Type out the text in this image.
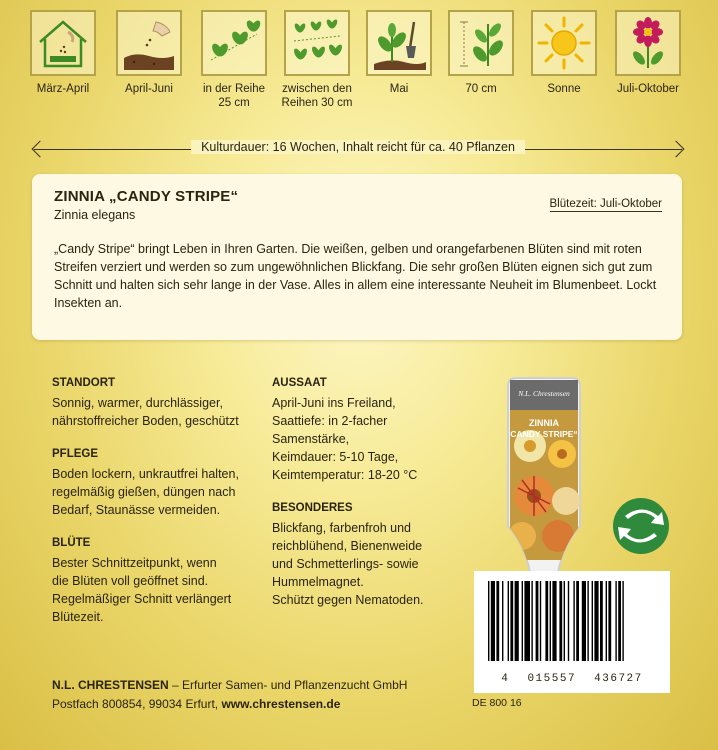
März-April	April-Juni	in der Reihe
25 cm
zwischen den
Reihen 30 cm
Mai	70 cm	Sonne	Juli-Oktober
Kulturdauer: 16 Wochen, Inhalt reicht für ca. 40 Pflanzen
ZINNIA „CANDY STRIPE“
Zinnia elegans
Blütezeit: Juli-Oktober
„Candy Stripe“ bringt Leben in Ihren Garten. Die weißen, gelben und orangefarbenen Blüten sind mit roten Streifen verziert und werden so zum ungewöhnlichen Blickfang. Die sehr großen Blüten eignen sich gut zum Schnitt und halten sich sehr lange in der Vase. Alles in allem eine interessante Neuheit im Blumenbeet. Lockt Insekten an.
STANDORT

Sonnig, warmer, durchlässiger,
nährstoffreicher Boden, geschützt

PFLEGE

Boden lockern, unkrautfrei halten,
regelmäßig gießen, düngen nach
Bedarf, Staunässe vermeiden.

BLÜTE

Bester Schnittzeitpunkt, wenn
die Blüten voll geöffnet sind.
Regelmäßiger Schnitt verlängert
Blütezeit.

AUSSAAT

April-Juni ins Freiland,
Saattiefe: in 2-facher
Samenstärke,
Keimdauer: 5-10 Tage,
Keimtemperatur: 18-20 °C

BESONDERES

Blickfang, farbenfroh und
reichblühend, Bienenweide
und Schmetterlings- sowie
Hummelmagnet.
Schützt gegen Nematoden.

N.L. Chrestensen
ZINNIA
CANDY STRIPE“
4 015557 436727
DE 800 16
N.L. CHRESTENSEN – Erfurter Samen- und Pflanzenzucht GmbH
Postfach 800854, 99034 Erfurt, www.chrestensen.de
